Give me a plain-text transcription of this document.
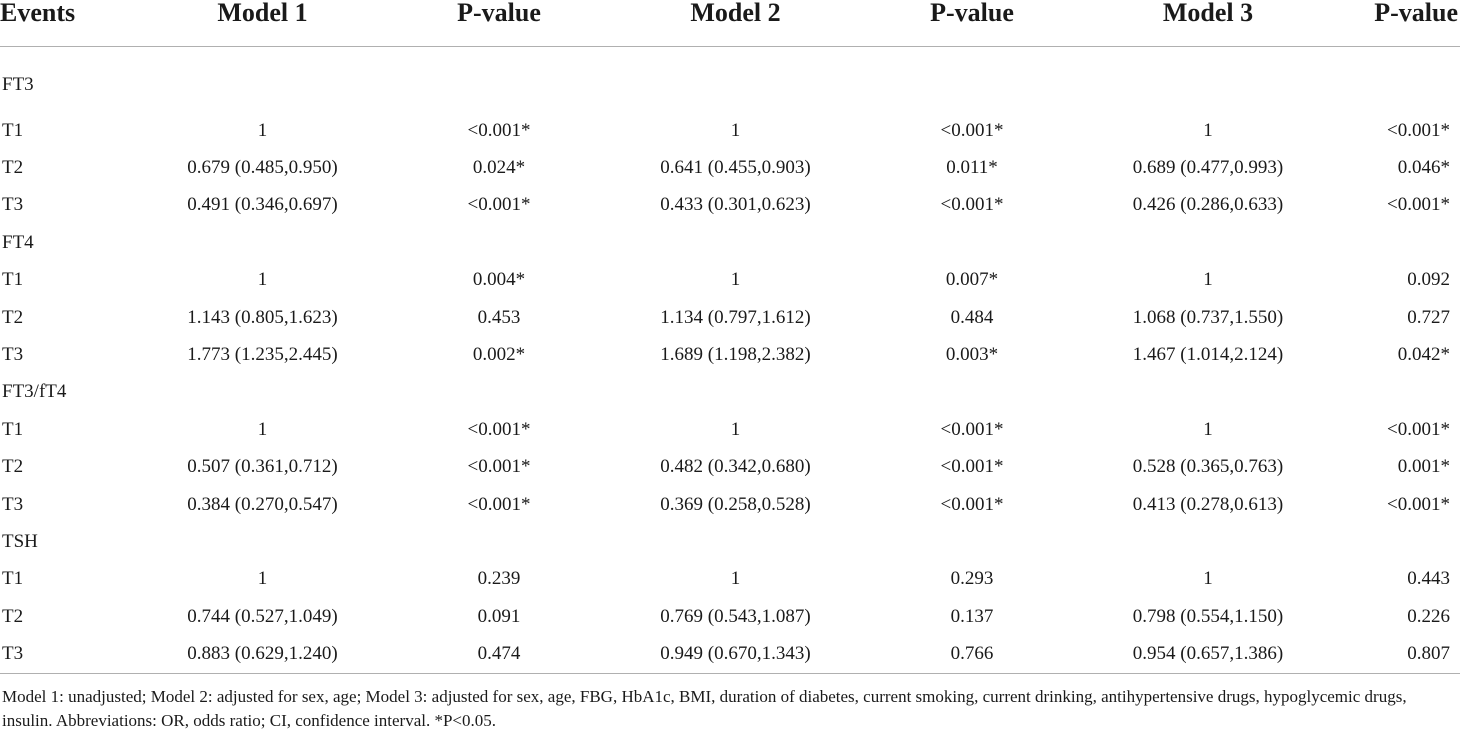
Events	Model 1	P-value	Model 2	P-value	Model 3	P-value
FT3						
T1	1	<0.001*	1	<0.001*	1	<0.001*
T2	0.679 (0.485,0.950)	0.024*	0.641 (0.455,0.903)	0.011*	0.689 (0.477,0.993)	0.046*
T3	0.491 (0.346,0.697)	<0.001*	0.433 (0.301,0.623)	<0.001*	0.426 (0.286,0.633)	<0.001*
FT4						
T1	1	0.004*	1	0.007*	1	0.092
T2	1.143 (0.805,1.623)	0.453	1.134 (0.797,1.612)	0.484	1.068 (0.737,1.550)	0.727
T3	1.773 (1.235,2.445)	0.002*	1.689 (1.198,2.382)	0.003*	1.467 (1.014,2.124)	0.042*
FT3/fT4						
T1	1	<0.001*	1	<0.001*	1	<0.001*
T2	0.507 (0.361,0.712)	<0.001*	0.482 (0.342,0.680)	<0.001*	0.528 (0.365,0.763)	0.001*
T3	0.384 (0.270,0.547)	<0.001*	0.369 (0.258,0.528)	<0.001*	0.413 (0.278,0.613)	<0.001*
TSH						
T1	1	0.239	1	0.293	1	0.443
T2	0.744 (0.527,1.049)	0.091	0.769 (0.543,1.087)	0.137	0.798 (0.554,1.150)	0.226
T3	0.883 (0.629,1.240)	0.474	0.949 (0.670,1.343)	0.766	0.954 (0.657,1.386)	0.807
Model 1: unadjusted; Model 2: adjusted for sex, age; Model 3: adjusted for sex, age, FBG, HbA1c, BMI, duration of diabetes, current smoking, current drinking, antihypertensive drugs, hypoglycemic drugs, insulin. Abbreviations: OR, odds ratio; CI, confidence interval. *P<0.05.
